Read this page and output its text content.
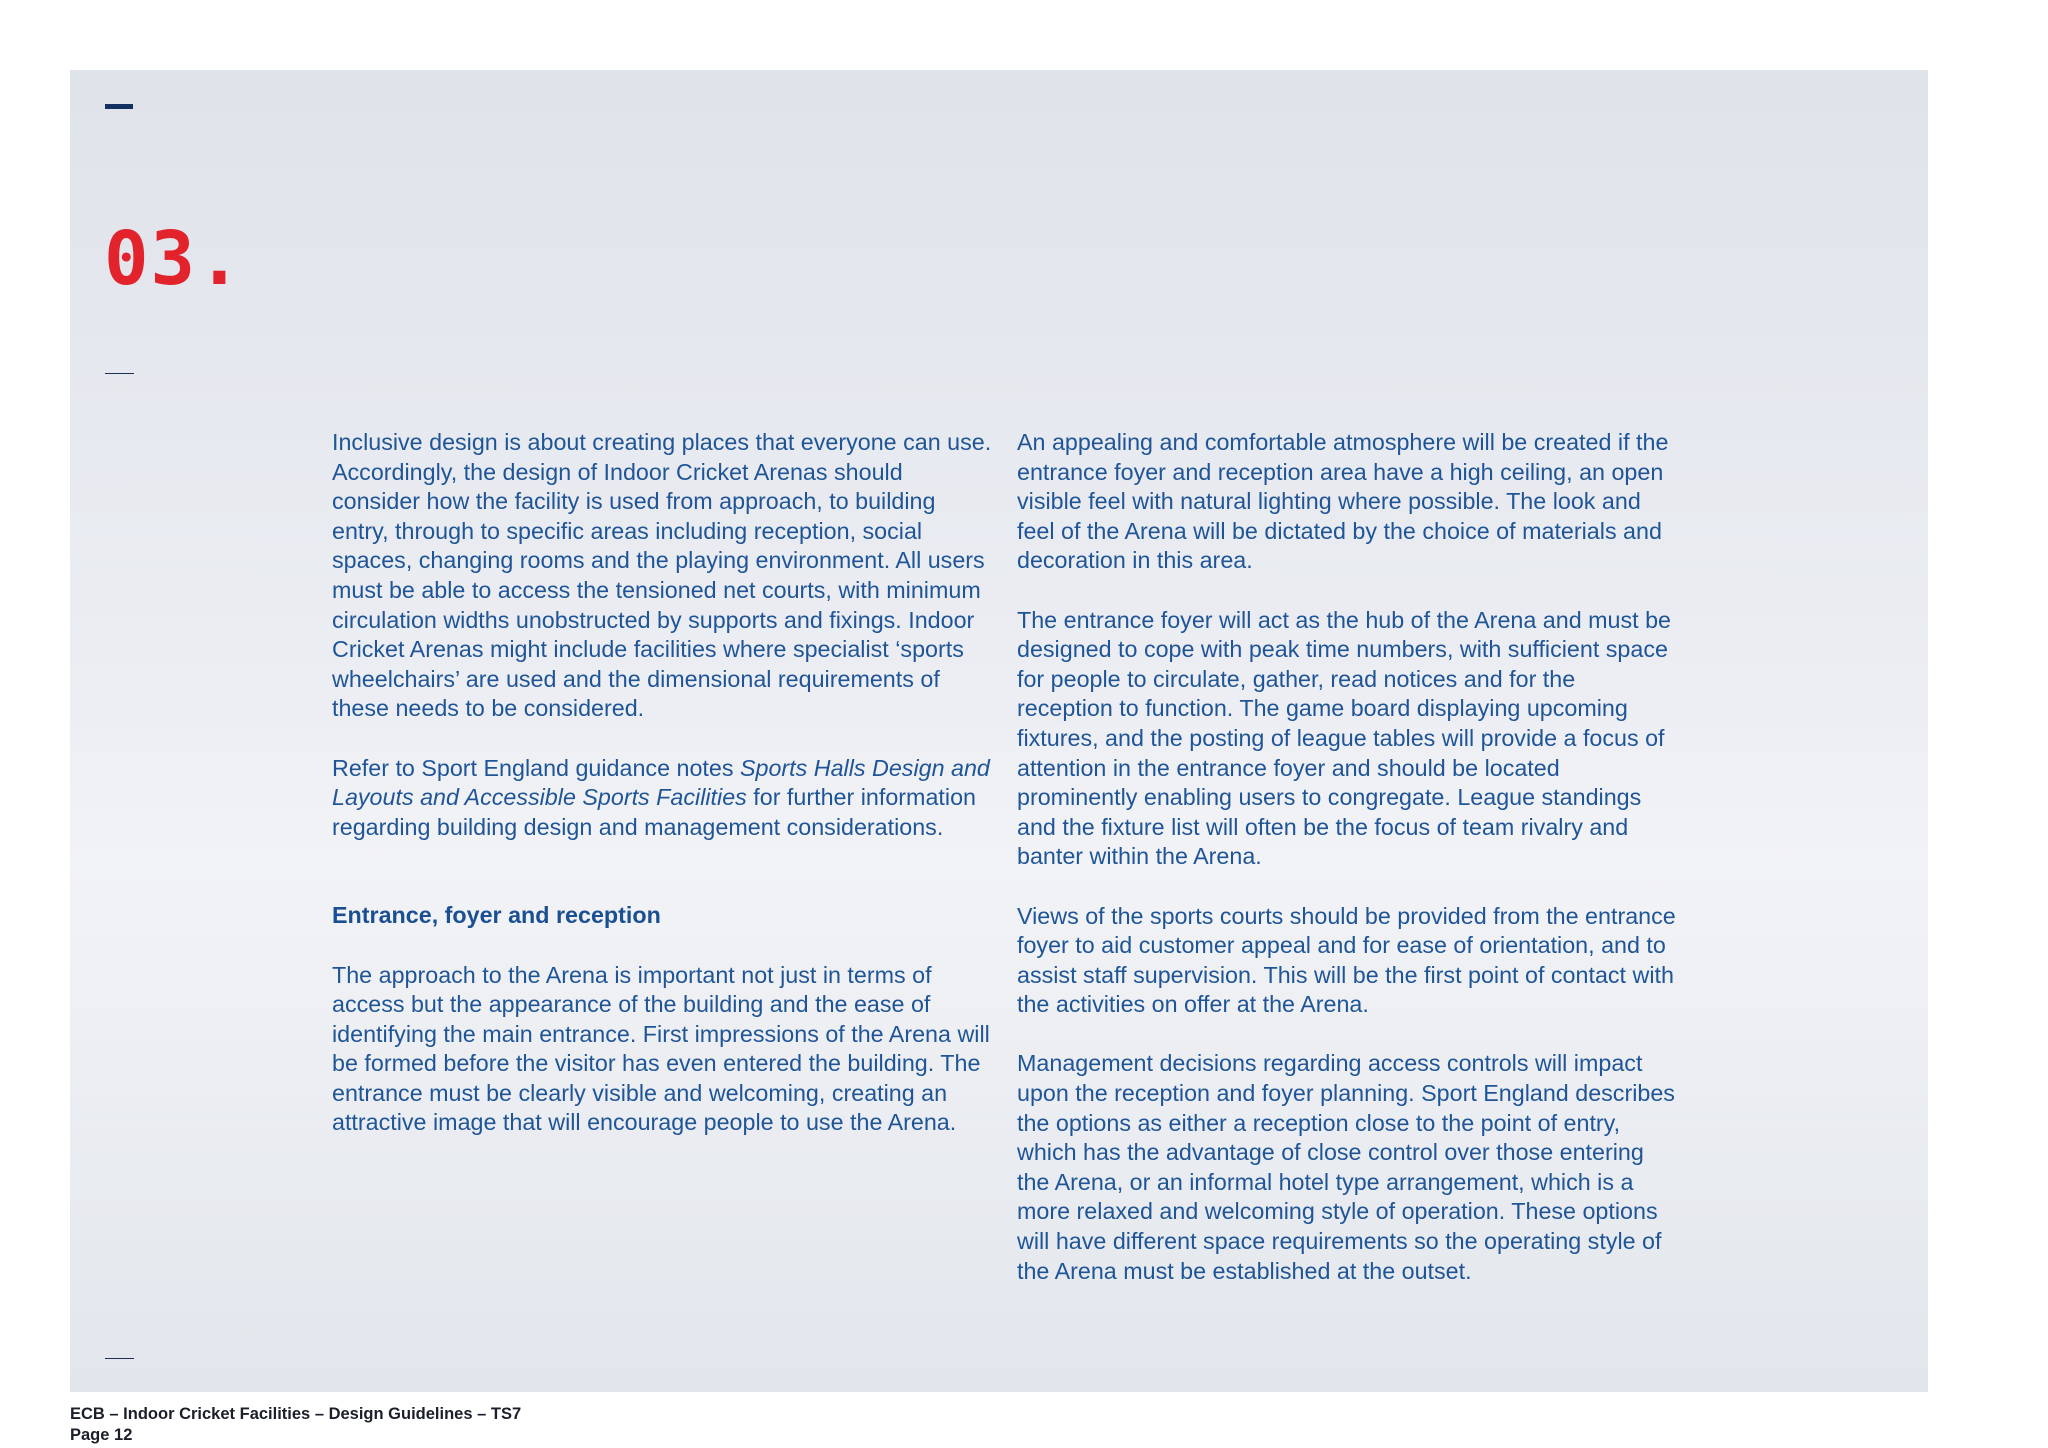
03.

Inclusive design is about creating places that everyone can use. Accordingly, the design of Indoor Cricket Arenas should consider how the facility is used from approach, to building entry, through to specific areas including reception, social spaces, changing rooms and the playing environment. All users must be able to access the tensioned net courts, with minimum circulation widths unobstructed by supports and fixings. Indoor Cricket Arenas might include facilities where specialist ‘sports wheelchairs’ are used and the dimensional requirements of these needs to be considered.

Refer to Sport England guidance notes Sports Halls Design and Layouts and Accessible Sports Facilities for further information regarding building design and management considerations.

Entrance, foyer and reception

The approach to the Arena is important not just in terms of access but the appearance of the building and the ease of identifying the main entrance. First impressions of the Arena will be formed before the visitor has even entered the building. The entrance must be clearly visible and welcoming, creating an attractive image that will encourage people to use the Arena.

An appealing and comfortable atmosphere will be created if the entrance foyer and reception area have a high ceiling, an open visible feel with natural lighting where possible. The look and feel of the Arena will be dictated by the choice of materials and decoration in this area.

The entrance foyer will act as the hub of the Arena and must be designed to cope with peak time numbers, with sufficient space for people to circulate, gather, read notices and for the reception to function. The game board displaying upcoming fixtures, and the posting of league tables will provide a focus of attention in the entrance foyer and should be located prominently enabling users to congregate. League standings and the fixture list will often be the focus of team rivalry and banter within the Arena.

Views of the sports courts should be provided from the entrance foyer to aid customer appeal and for ease of orientation, and to assist staff supervision. This will be the first point of contact with the activities on offer at the Arena.

Management decisions regarding access controls will impact upon the reception and foyer planning. Sport England describes the options as either a reception close to the point of entry, which has the advantage of close control over those entering the Arena, or an informal hotel type arrangement, which is a more relaxed and welcoming style of operation. These options will have different space requirements so the operating style of the Arena must be established at the outset.

ECB – Indoor Cricket Facilities – Design Guidelines – TS7
Page 12
